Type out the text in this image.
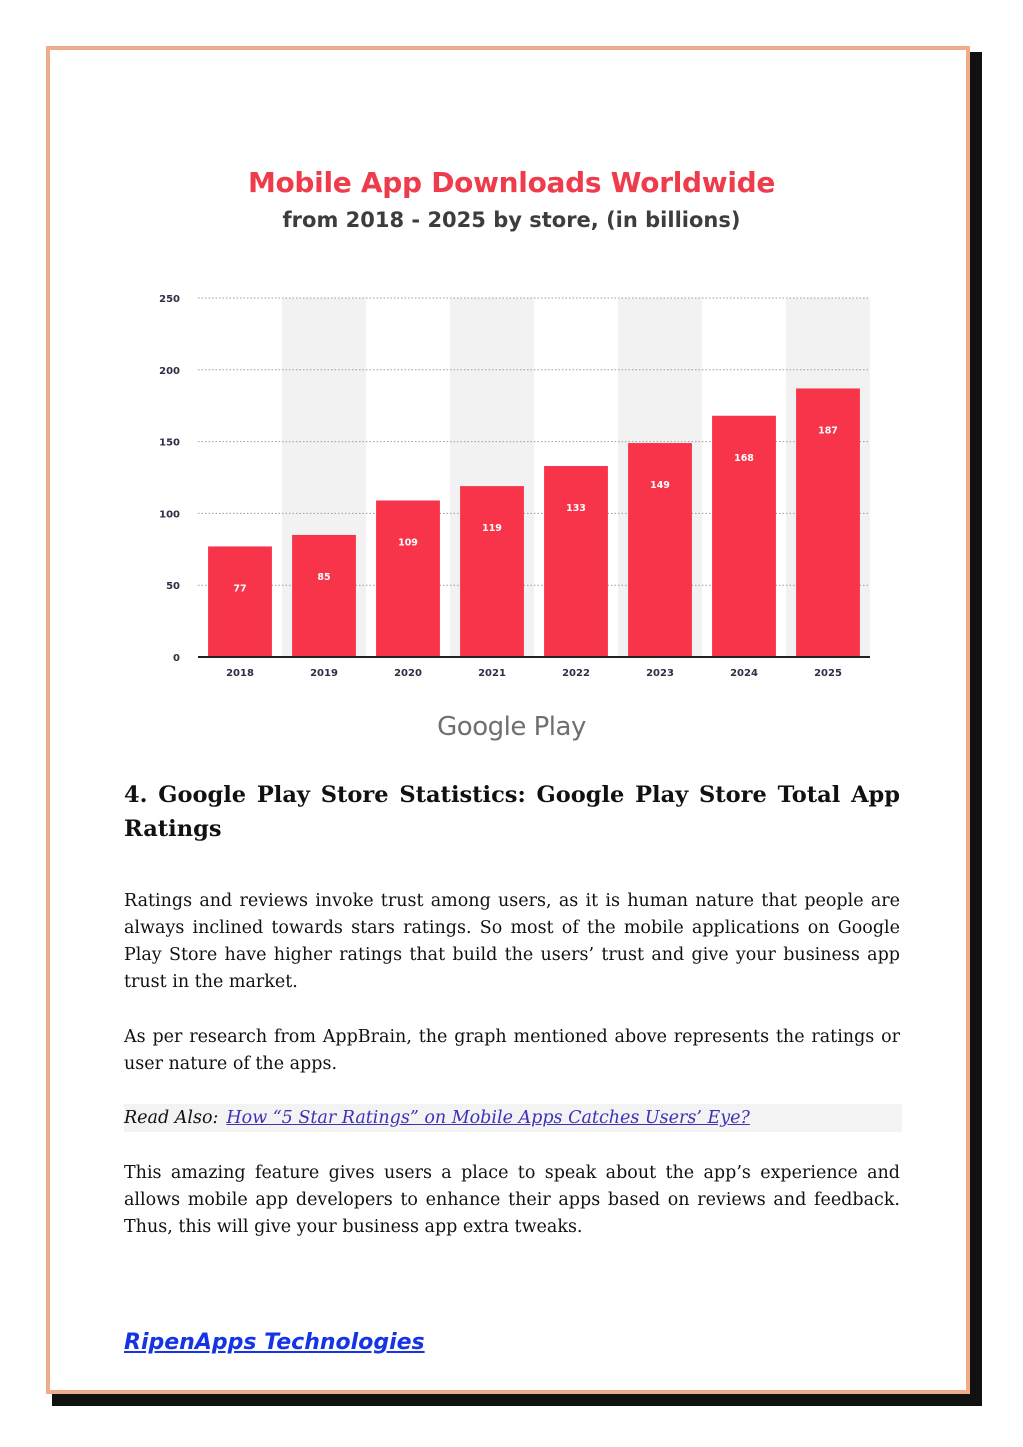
Mobile App Downloads Worldwide
from 2018 - 2025 by store, (in billions)
0
50
100
150
200
250
77
2018
85
2019
109
2020
119
2021
133
2022
149
2023
168
2024
187
2025
Google Play
4. Google Play Store Statistics: Google Play Store Total App Ratings

Ratings and reviews invoke trust among users, as it is human nature that people are always inclined towards stars ratings. So most of the mobile applications on Google Play Store have higher ratings that build the users’ trust and give your business app trust in the market.

As per research from AppBrain, the graph mentioned above represents the ratings or user nature of the apps.

Read Also: How “5 Star Ratings” on Mobile Apps Catches Users’ Eye?

This amazing feature gives users a place to speak about the app’s experience and allows mobile app developers to enhance their apps based on reviews and feedback. Thus, this will give your business app extra tweaks.

RipenApps Technologies
